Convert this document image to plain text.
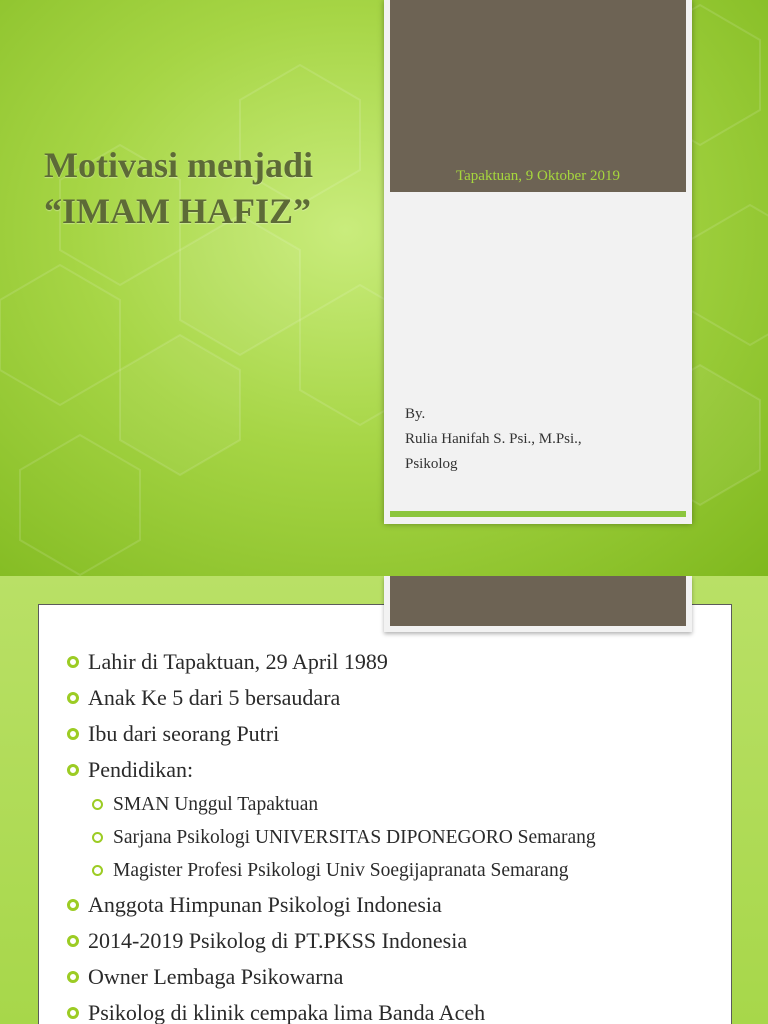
Motivasi menjadi
“IMAM HAFIZ”
Tapaktuan, 9 Oktober 2019
By.
Rulia Hanifah S. Psi., M.Psi.,
Psikolog
Lahir di Tapaktuan, 29 April 1989
Anak Ke 5 dari 5 bersaudara
Ibu dari seorang Putri
Pendidikan:
SMAN Unggul Tapaktuan
Sarjana Psikologi UNIVERSITAS DIPONEGORO Semarang
Magister Profesi Psikologi Univ Soegijapranata Semarang
Anggota Himpunan Psikologi Indonesia
2014-2019 Psikolog di PT.PKSS Indonesia
Owner Lembaga Psikowarna
Psikolog di klinik cempaka lima Banda Aceh
